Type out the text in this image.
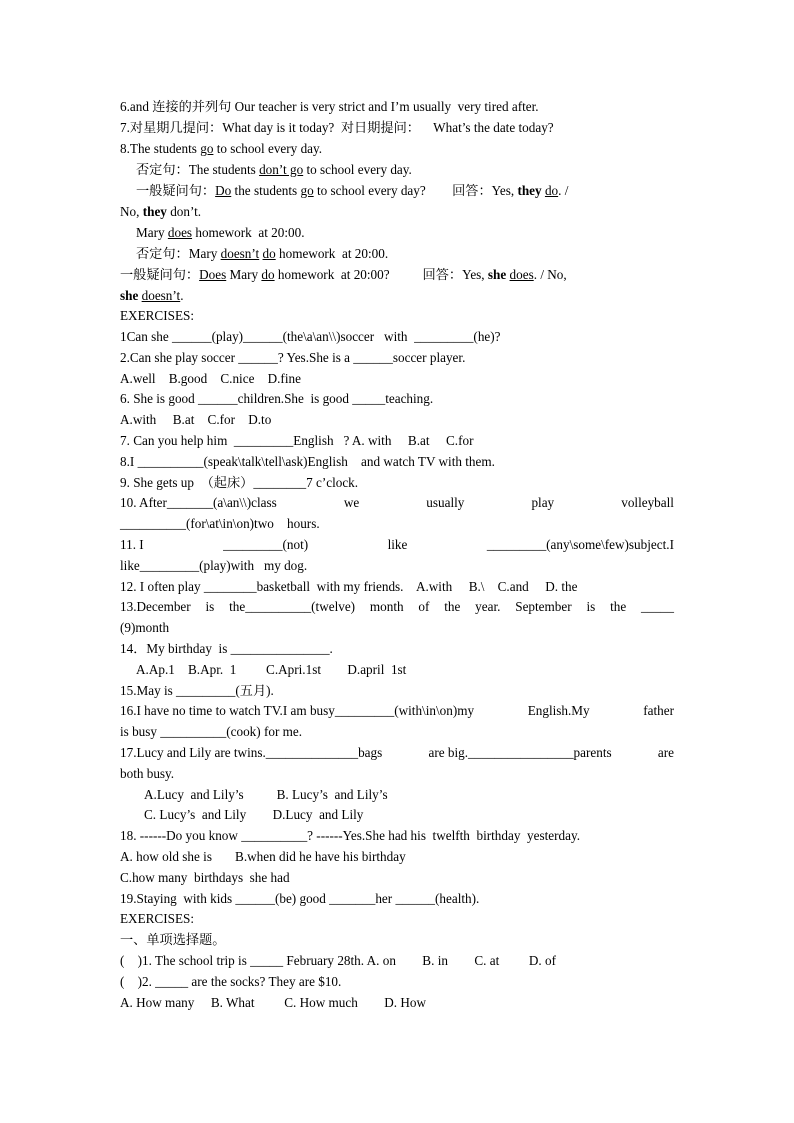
6.and 连接的并列句 Our teacher is very strict and I’m usually  very tired after.
7.对星期几提问：What day is it today?  对日期提问：    What’s the date today?
8.The students go to school every day.
否定句：The students don’t go to school every day.
一般疑问句：Do the students go to school every day?        回答：Yes, they do. /
No, they don’t.
Mary does homework  at 20:00.
否定句：Mary doesn’t do homework  at 20:00.
一般疑问句：Does Mary do homework  at 20:00?          回答：Yes, she does. / No,
she doesn’t.
EXERCISES:
1Can she ______(play)______(the\a\an\\)soccer   with  _________(he)?
2.Can she play soccer ______? Yes.She is a ______soccer player.
A.well    B.good    C.nice    D.fine
6. She is good ______children.She  is good _____teaching.
A.with     B.at    C.for    D.to
7. Can you help him  _________English   ? A. with     B.at     C.for
8.I __________(speak\talk\tell\ask)English    and watch TV with them.
9. She gets up  （起床）________7 c’clock.
10. After_______(a\an\\)class	we	usually	play	volleyball
__________(for\at\in\on)two    hours.
11. I	_________(not)	like	_________(any\some\few)subject.I
like_________(play)with   my dog.
12. I often play ________basketball  with my friends.    A.with     B.\    C.and     D. the
13.December is the__________(twelve) month of the year. September is the _____
(9)month
14．My birthday  is _______________.
A.Ap.1    B.Apr.  1         C.Apri.1st        D.april  1st
15.May is _________(五月).
16.I have no time to watch TV.I am busy_________(with\in\on)my	English.My	father
is busy __________(cook) for me.
17.Lucy and Lily are twins.______________bags	are big.________________parents	are
both busy.
A.Lucy  and Lily’s          B. Lucy’s  and Lily’s
C. Lucy’s  and Lily        D.Lucy  and Lily
18. ------Do you know __________? ------Yes.She had his  twelfth  birthday  yesterday.
A. how old she is       B.when did he have his birthday
C.how many  birthdays  she had
19.Staying  with kids ______(be) good _______her ______(health).
EXERCISES:
一、单项选择题。
(    )1. The school trip is _____ February 28th. A. on        B. in        C. at         D. of
(    )2. _____ are the socks? They are $10.
A. How many     B. What         C. How much        D. How
